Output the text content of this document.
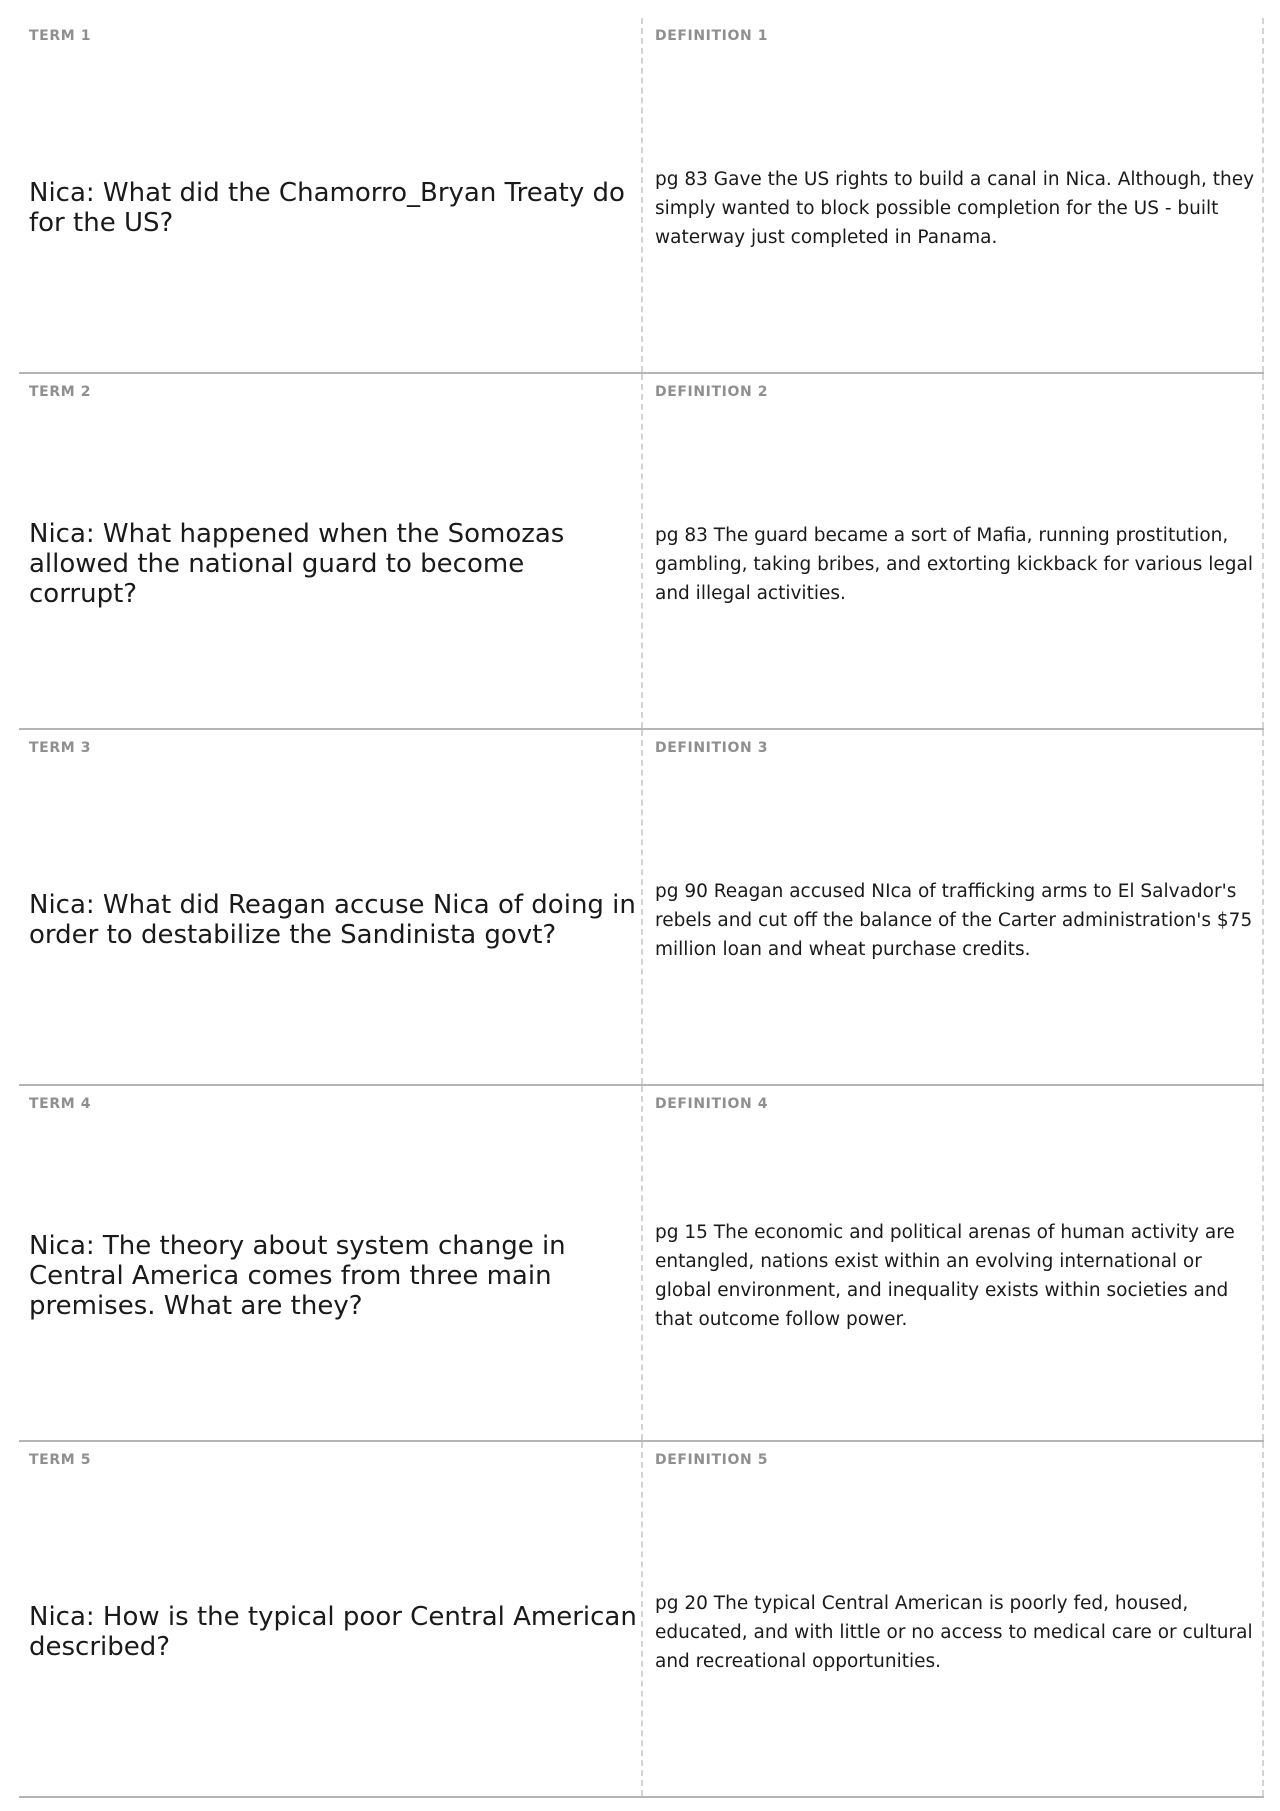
TERM 1
Nica: What did the Chamorro_Bryan Treaty do for the US?
DEFINITION 1
pg 83 Gave the US rights to build a canal in Nica. Although, they simply wanted to block possible completion for the US - built waterway just completed in Panama.
TERM 2
Nica: What happened when the Somozas allowed the national guard to become corrupt?
DEFINITION 2
pg 83 The guard became a sort of Mafia, running prostitution, gambling, taking bribes, and extorting kickback for various legal and illegal activities.
TERM 3
Nica: What did Reagan accuse Nica of doing in order to destabilize the Sandinista govt?
DEFINITION 3
pg 90 Reagan accused NIca of trafficking arms to El Salvador's rebels and cut off the balance of the Carter administration's $75 million loan and wheat purchase credits.
TERM 4
Nica: The theory about system change in Central America comes from three main premises. What are they?
DEFINITION 4
pg 15 The economic and political arenas of human activity are entangled, nations exist within an evolving international or global environment, and inequality exists within societies and that outcome follow power.
TERM 5
Nica: How is the typical poor Central American described?
DEFINITION 5
pg 20 The typical Central American is poorly fed, housed, educated, and with little or no access to medical care or cultural and recreational opportunities.
